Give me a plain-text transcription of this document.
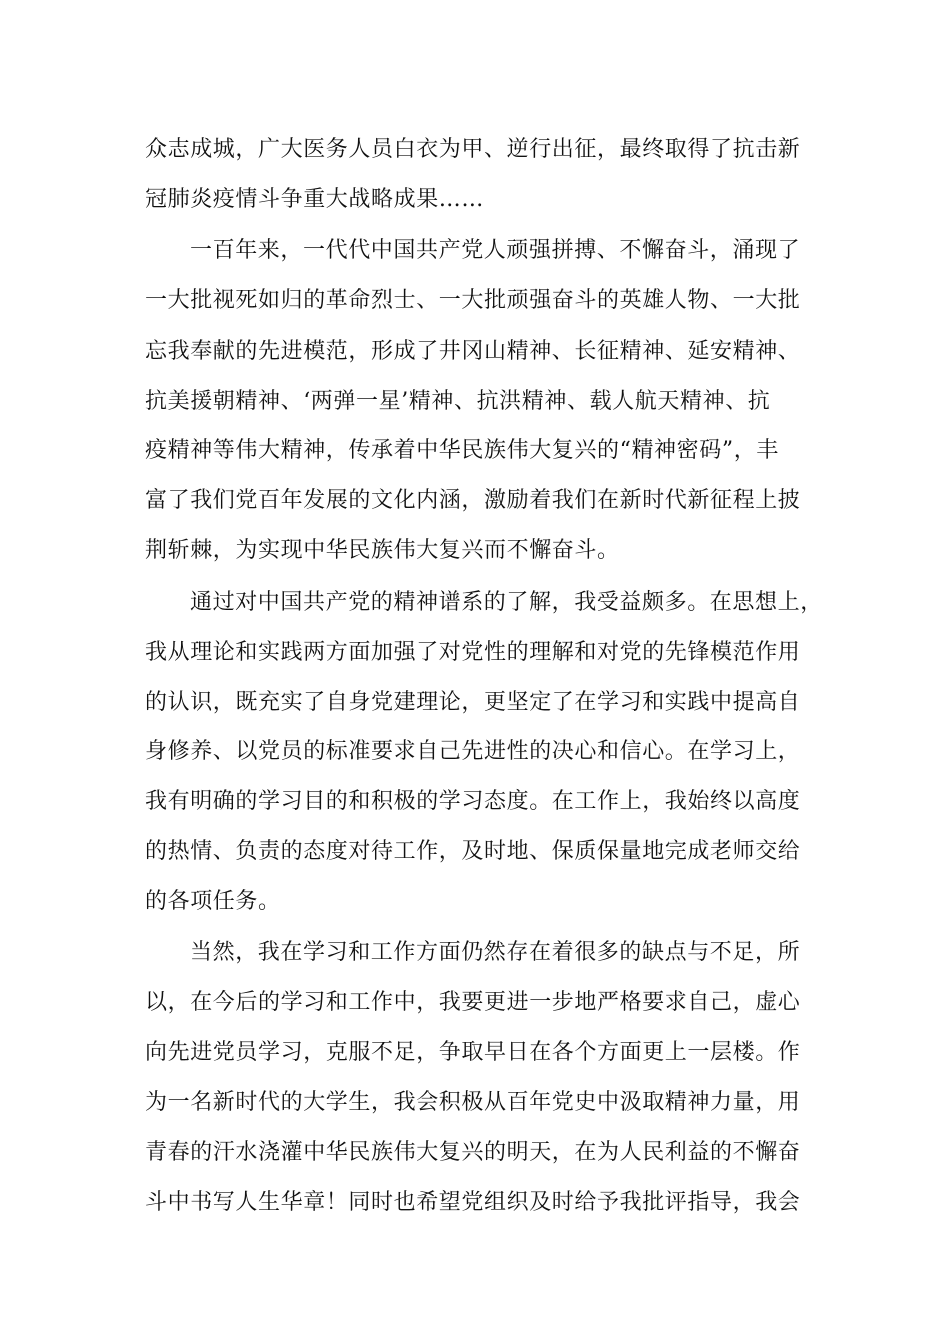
众志成城，广大医务人员白衣为甲、逆行出征，最终取得了抗击新
冠肺炎疫情斗争重大战略成果……
一百年来，一代代中国共产党人顽强拼搏、不懈奋斗，涌现了
一大批视死如归的革命烈士、一大批顽强奋斗的英雄人物、一大批
忘我奉献的先进模范，形成了井冈山精神、长征精神、延安精神、
抗美援朝精神、‘两弹一星’精神、抗洪精神、载人航天精神、抗
疫精神等伟大精神，传承着中华民族伟大复兴的“精神密码”，丰
富了我们党百年发展的文化内涵，激励着我们在新时代新征程上披
荆斩棘，为实现中华民族伟大复兴而不懈奋斗。
通过对中国共产党的精神谱系的了解，我受益颇多。在思想上，
我从理论和实践两方面加强了对党性的理解和对党的先锋模范作用
的认识，既充实了自身党建理论，更坚定了在学习和实践中提高自
身修养、以党员的标准要求自己先进性的决心和信心。在学习上，
我有明确的学习目的和积极的学习态度。在工作上，我始终以高度
的热情、负责的态度对待工作，及时地、保质保量地完成老师交给
的各项任务。
当然，我在学习和工作方面仍然存在着很多的缺点与不足，所
以，在今后的学习和工作中，我要更进一步地严格要求自己，虚心
向先进党员学习，克服不足，争取早日在各个方面更上一层楼。作
为一名新时代的大学生，我会积极从百年党史中汲取精神力量，用
青春的汗水浇灌中华民族伟大复兴的明天，在为人民利益的不懈奋
斗中书写人生华章！同时也希望党组织及时给予我批评指导，我会
